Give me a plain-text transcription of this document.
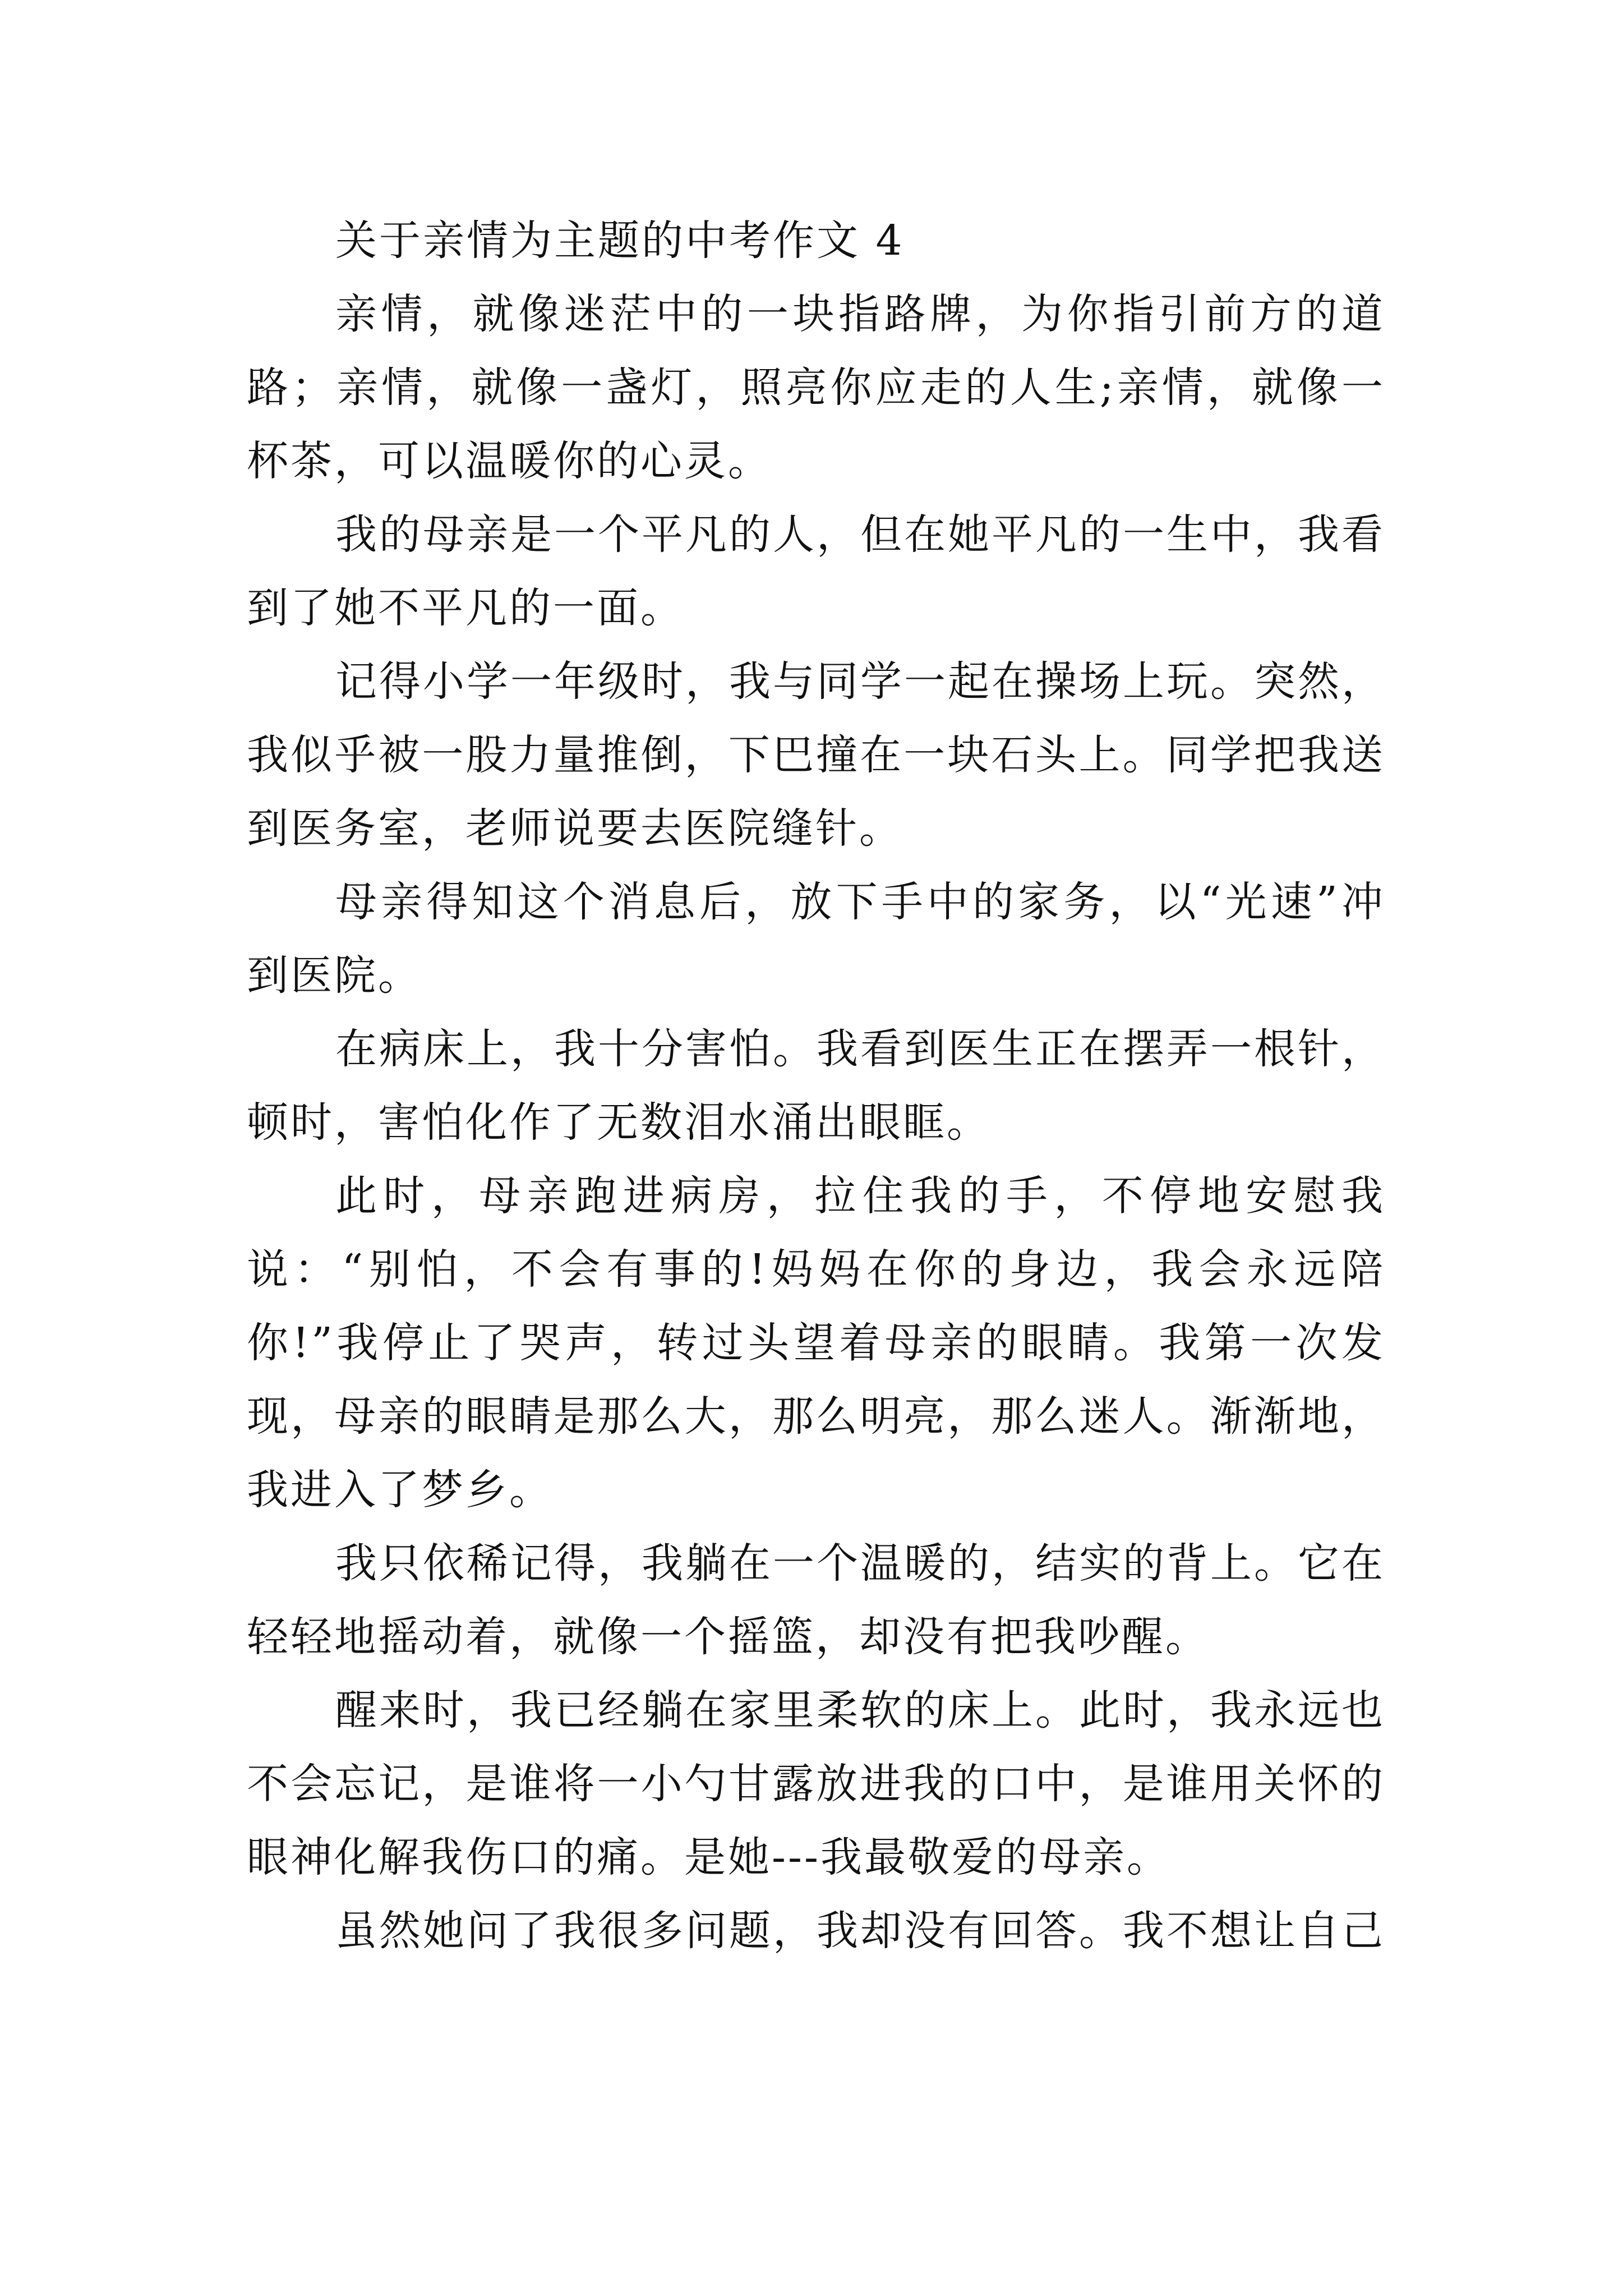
关于亲情为主题的中考作文 4

亲情，就像迷茫中的一块指路牌，为你指引前方的道路；亲情，就像一盏灯，照亮你应走的人生;亲情，就像一杯茶，可以温暖你的心灵。

我的母亲是一个平凡的人，但在她平凡的一生中，我看到了她不平凡的一面。

记得小学一年级时，我与同学一起在操场上玩。突然，我似乎被一股力量推倒，下巴撞在一块石头上。同学把我送到医务室，老师说要去医院缝针。

母亲得知这个消息后，放下手中的家务，以“光速”冲到医院。

在病床上，我十分害怕。我看到医生正在摆弄一根针，顿时，害怕化作了无数泪水涌出眼眶。

此时，母亲跑进病房，拉住我的手，不停地安慰我说：“别怕，不会有事的!妈妈在你的身边，我会永远陪你!”我停止了哭声，转过头望着母亲的眼睛。我第一次发现，母亲的眼睛是那么大，那么明亮，那么迷人。渐渐地，我进入了梦乡。

我只依稀记得，我躺在一个温暖的，结实的背上。它在轻轻地摇动着，就像一个摇篮，却没有把我吵醒。

醒来时，我已经躺在家里柔软的床上。此时，我永远也不会忘记，是谁将一小勺甘露放进我的口中，是谁用关怀的眼神化解我伤口的痛。是她---我最敬爱的母亲。

虽然她问了我很多问题，我却没有回答。我不想让自己
